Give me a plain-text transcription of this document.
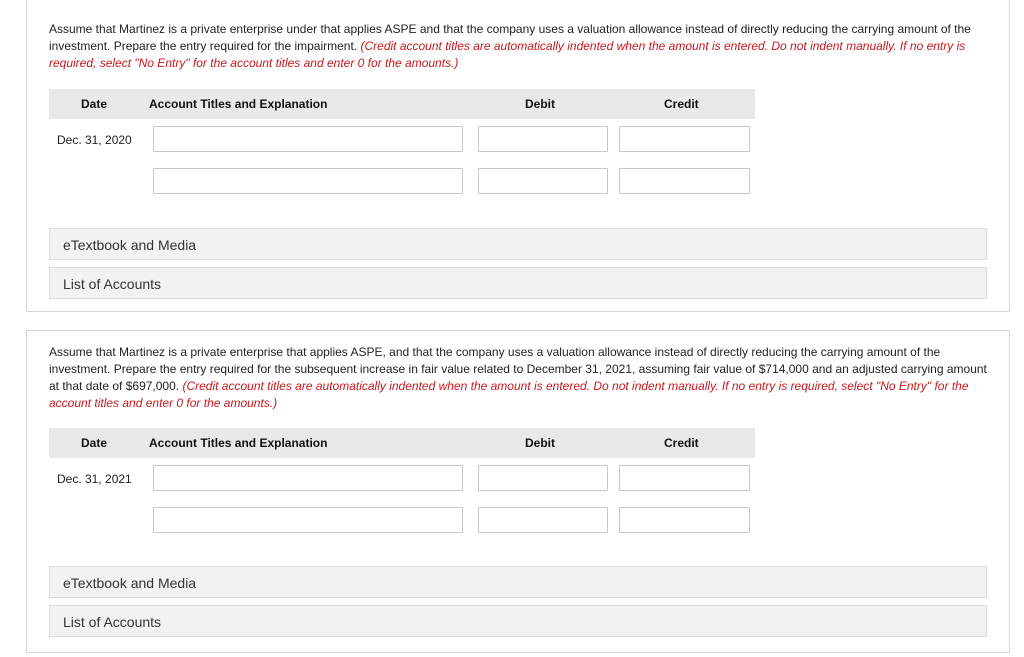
Assume that Martinez is a private enterprise under that applies ASPE and that the company uses a valuation allowance instead of directly reducing the carrying amount of the investment. Prepare the entry required for the impairment. (Credit account titles are automatically indented when the amount is entered. Do not indent manually. If no entry is required, select "No Entry" for the account titles and enter 0 for the amounts.)
Date	Account Titles and Explanation	Debit	Credit
Dec. 31, 2020
eTextbook and Media
List of Accounts
Assume that Martinez is a private enterprise that applies ASPE, and that the company uses a valuation allowance instead of directly reducing the carrying amount of the investment. Prepare the entry required for the subsequent increase in fair value related to December 31, 2021, assuming fair value of $714,000 and an adjusted carrying amount at that date of $697,000. (Credit account titles are automatically indented when the amount is entered. Do not indent manually. If no entry is required, select "No Entry" for the account titles and enter 0 for the amounts.)
Date	Account Titles and Explanation	Debit	Credit
Dec. 31, 2021
eTextbook and Media
List of Accounts
